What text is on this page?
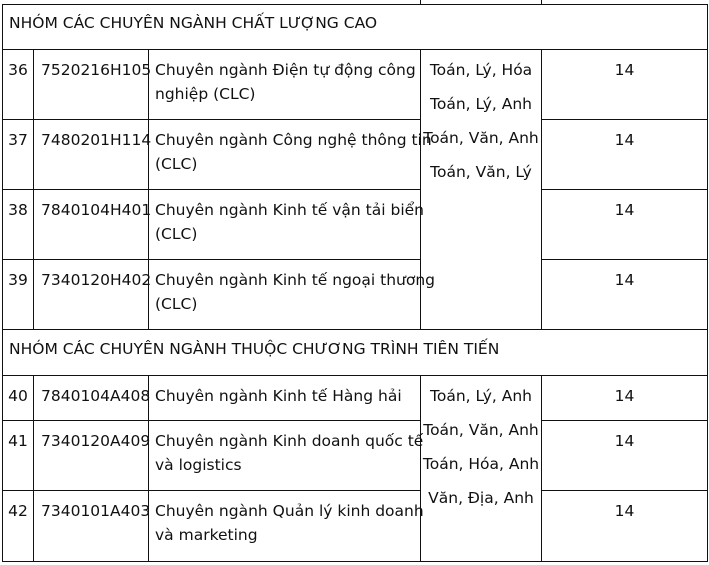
NHÓM CÁC CHUYÊN NGÀNH CHẤT LƯỢNG CAO
36 7520216H105 Chuyên ngành Điện tự động công
nghiệp (CLC)
14
37 7480201H114 Chuyên ngành Công nghệ thông tin
(CLC)
14
38 7840104H401 Chuyên ngành Kinh tế vận tải biển
(CLC)
14
39 7340120H402 Chuyên ngành Kinh tế ngoại thương
(CLC)
14
Toán, Lý, Hóa
Toán, Lý, Anh
Toán, Văn, Anh
Toán, Văn, Lý
NHÓM CÁC CHUYÊN NGÀNH THUỘC CHƯƠNG TRÌNH TIÊN TIẾN
40 7840104A408 Chuyên ngành Kinh tế Hàng hải	14
41 7340120A409 Chuyên ngành Kinh doanh quốc tế
và logistics
14
42 7340101A403 Chuyên ngành Quản lý kinh doanh
và marketing
14
Toán, Lý, Anh
Toán, Văn, Anh
Toán, Hóa, Anh
Văn, Địa, Anh
